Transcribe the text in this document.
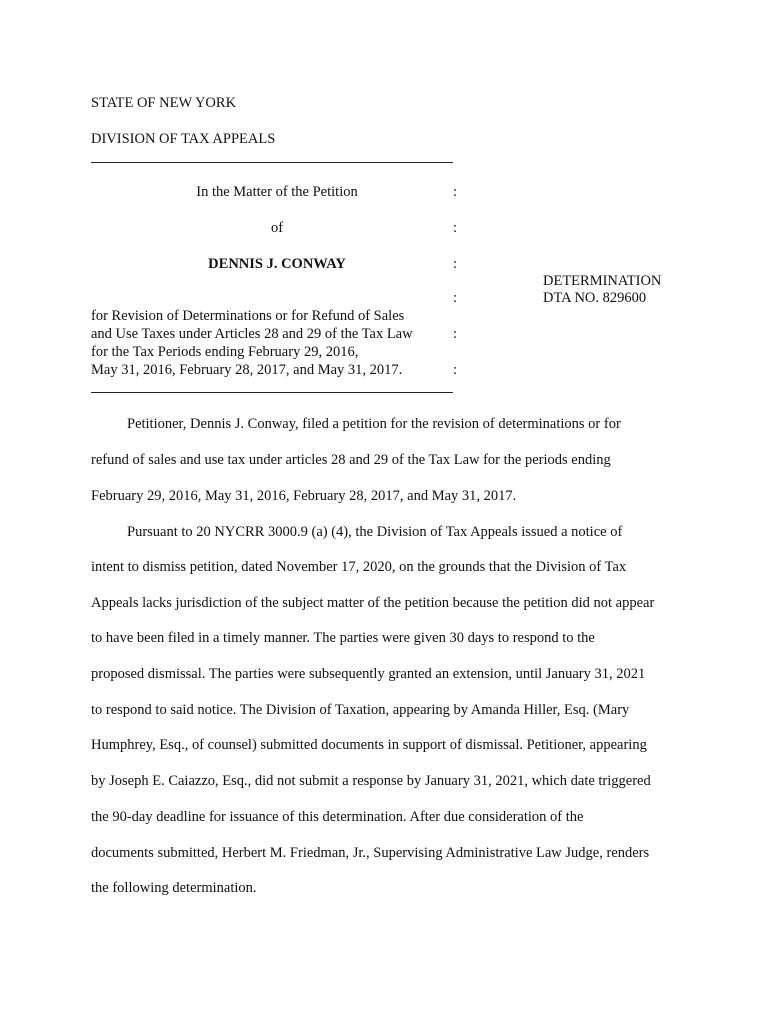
STATE OF NEW YORK
DIVISION OF TAX APPEALS
In the Matter of the Petition	:
of	:
DENNIS J. CONWAY	:
:
for Revision of Determinations or for Refund of Sales
and Use Taxes under Articles 28 and 29 of the Tax Law	:
for the Tax Periods ending February 29, 2016,
May 31, 2016, February 28, 2017, and May 31, 2017.	:
DETERMINATION
DTA NO. 829600
Petitioner, Dennis J. Conway, filed a petition for the revision of determinations or for
refund of sales and use tax under articles 28 and 29 of the Tax Law for the periods ending
February 29, 2016, May 31, 2016, February 28, 2017, and May 31, 2017.
Pursuant to 20 NYCRR 3000.9 (a) (4), the Division of Tax Appeals issued a notice of
intent to dismiss petition, dated November 17, 2020, on the grounds that the Division of Tax
Appeals lacks jurisdiction of the subject matter of the petition because the petition did not appear
to have been filed in a timely manner. The parties were given 30 days to respond to the
proposed dismissal. The parties were subsequently granted an extension, until January 31, 2021
to respond to said notice. The Division of Taxation, appearing by Amanda Hiller, Esq. (Mary
Humphrey, Esq., of counsel) submitted documents in support of dismissal. Petitioner, appearing
by Joseph E. Caiazzo, Esq., did not submit a response by January 31, 2021, which date triggered
the 90-day deadline for issuance of this determination. After due consideration of the
documents submitted, Herbert M. Friedman, Jr., Supervising Administrative Law Judge, renders
the following determination.
